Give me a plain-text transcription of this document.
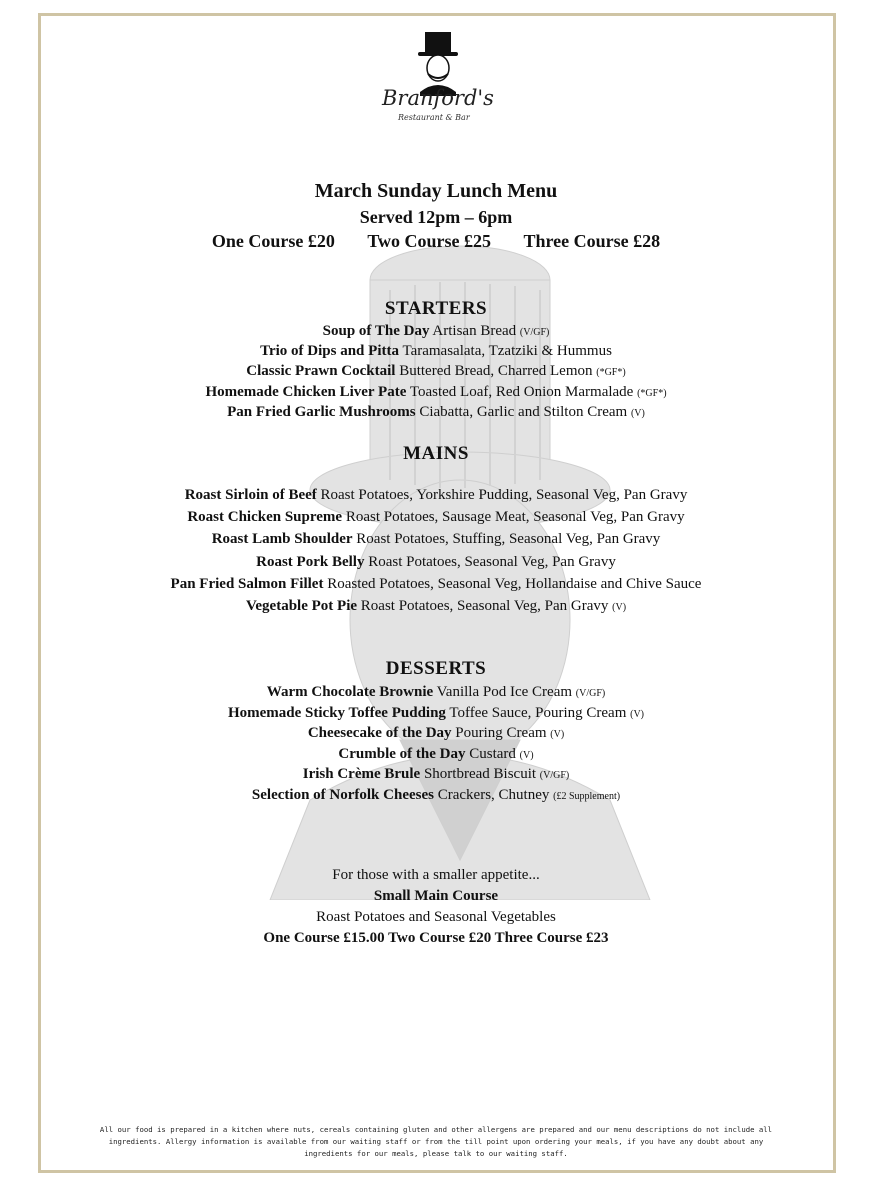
Branford's
Restaurant & Bar
March Sunday Lunch Menu
Served 12pm – 6pm
One Course £20 Two Course £25 Three Course £28
STARTERS
Soup of The Day Artisan Bread (V/GF)
Trio of Dips and Pitta Taramasalata, Tzatziki & Hummus
Classic Prawn Cocktail Buttered Bread, Charred Lemon (*GF*)
Homemade Chicken Liver Pate Toasted Loaf, Red Onion Marmalade (*GF*)
Pan Fried Garlic Mushrooms Ciabatta, Garlic and Stilton Cream (V)
MAINS
Roast Sirloin of Beef Roast Potatoes, Yorkshire Pudding, Seasonal Veg, Pan Gravy
Roast Chicken Supreme Roast Potatoes, Sausage Meat, Seasonal Veg, Pan Gravy
Roast Lamb Shoulder Roast Potatoes, Stuffing, Seasonal Veg, Pan Gravy
Roast Pork Belly Roast Potatoes, Seasonal Veg, Pan Gravy
Pan Fried Salmon Fillet Roasted Potatoes, Seasonal Veg, Hollandaise and Chive Sauce
Vegetable Pot Pie Roast Potatoes, Seasonal Veg, Pan Gravy (V)
DESSERTS
Warm Chocolate Brownie Vanilla Pod Ice Cream (V/GF)
Homemade Sticky Toffee Pudding Toffee Sauce, Pouring Cream (V)
Cheesecake of the Day Pouring Cream (V)
Crumble of the Day Custard (V)
Irish Crème Brule Shortbread Biscuit (V/GF)
Selection of Norfolk Cheeses Crackers, Chutney (£2 Supplement)
For those with a smaller appetite...
Small Main Course
Roast Potatoes and Seasonal Vegetables
One Course £15.00 Two Course £20 Three Course £23
All our food is prepared in a kitchen where nuts, cereals containing gluten and other allergens are prepared and our menu descriptions do not include all
ingredients. Allergy information is available from our waiting staff or from the till point upon ordering your meals, if you have any doubt about any
ingredients for our meals, please talk to our waiting staff.
